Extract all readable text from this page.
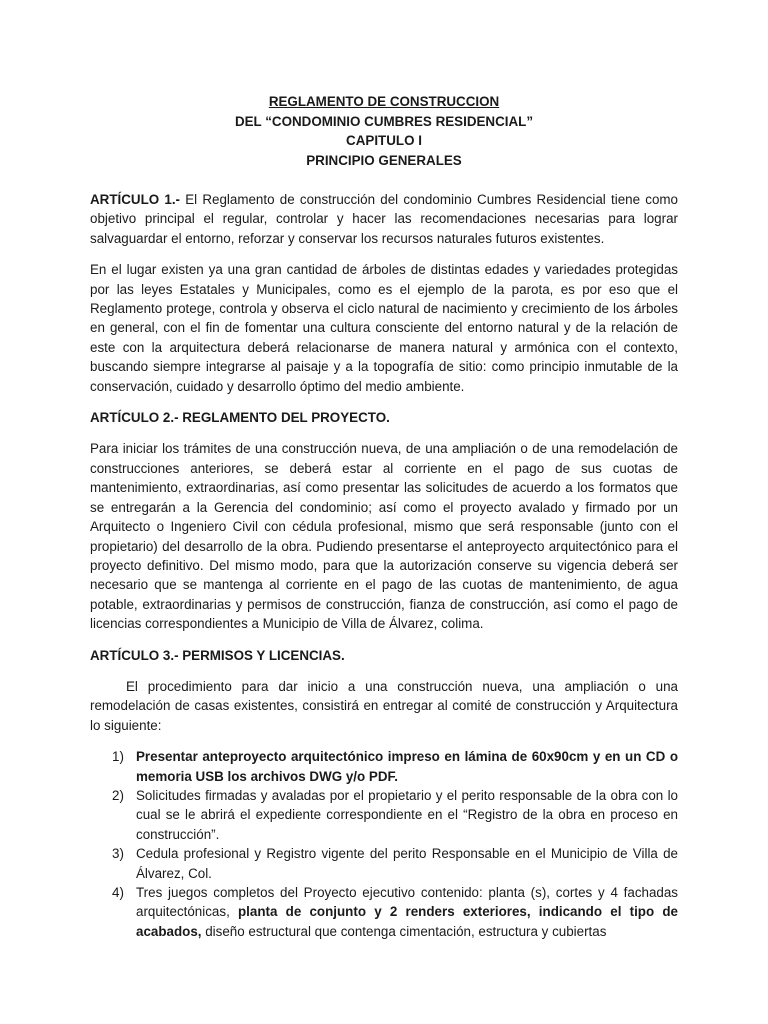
REGLAMENTO DE CONSTRUCCION
DEL “CONDOMINIO CUMBRES RESIDENCIAL”
CAPITULO I
PRINCIPIO GENERALES

ARTÍCULO 1.- El Reglamento de construcción del condominio Cumbres Residencial tiene como objetivo principal el regular, controlar y hacer las recomendaciones necesarias para lograr salvaguardar el entorno, reforzar y conservar los recursos naturales futuros existentes.

En el lugar existen ya una gran cantidad de árboles de distintas edades y variedades protegidas por las leyes Estatales y Municipales, como es el ejemplo de la parota, es por eso que el Reglamento protege, controla y observa el ciclo natural de nacimiento y crecimiento de los árboles en general, con el fin de fomentar una cultura consciente del entorno natural y de la relación de este con la arquitectura deberá relacionarse de manera natural y armónica con el contexto, buscando siempre integrarse al paisaje y a la topografía de sitio: como principio inmutable de la conservación, cuidado y desarrollo óptimo del medio ambiente.

ARTÍCULO 2.- REGLAMENTO DEL PROYECTO.

Para iniciar los trámites de una construcción nueva, de una ampliación o de una remodelación de construcciones anteriores, se deberá estar al corriente en el pago de sus cuotas de mantenimiento, extraordinarias, así como presentar las solicitudes de acuerdo a los formatos que se entregarán a la Gerencia del condominio; así como el proyecto avalado y firmado por un Arquitecto o Ingeniero Civil con cédula profesional, mismo que será responsable (junto con el propietario) del desarrollo de la obra. Pudiendo presentarse el anteproyecto arquitectónico para el proyecto definitivo. Del mismo modo, para que la autorización conserve su vigencia deberá ser necesario que se mantenga al corriente en el pago de las cuotas de mantenimiento, de agua potable, extraordinarias y permisos de construcción, fianza de construcción, así como el pago de licencias correspondientes a Municipio de Villa de Álvarez, colima.

ARTÍCULO 3.- PERMISOS Y LICENCIAS.

El procedimiento para dar inicio a una construcción nueva, una ampliación o una remodelación de casas existentes, consistirá en entregar al comité de construcción y Arquitectura lo siguiente:

1) Presentar anteproyecto arquitectónico impreso en lámina de 60x90cm y en un CD o memoria USB los archivos DWG y/o PDF.
2) Solicitudes firmadas y avaladas por el propietario y el perito responsable de la obra con lo cual se le abrirá el expediente correspondiente en el “Registro de la obra en proceso en construcción”.
3) Cedula profesional y Registro vigente del perito Responsable en el Municipio de Villa de Álvarez, Col.
4) Tres juegos completos del Proyecto ejecutivo contenido: planta (s), cortes y 4 fachadas arquitectónicas, planta de conjunto y 2 renders exteriores, indicando el tipo de acabados, diseño estructural que contenga cimentación, estructura y cubiertas
